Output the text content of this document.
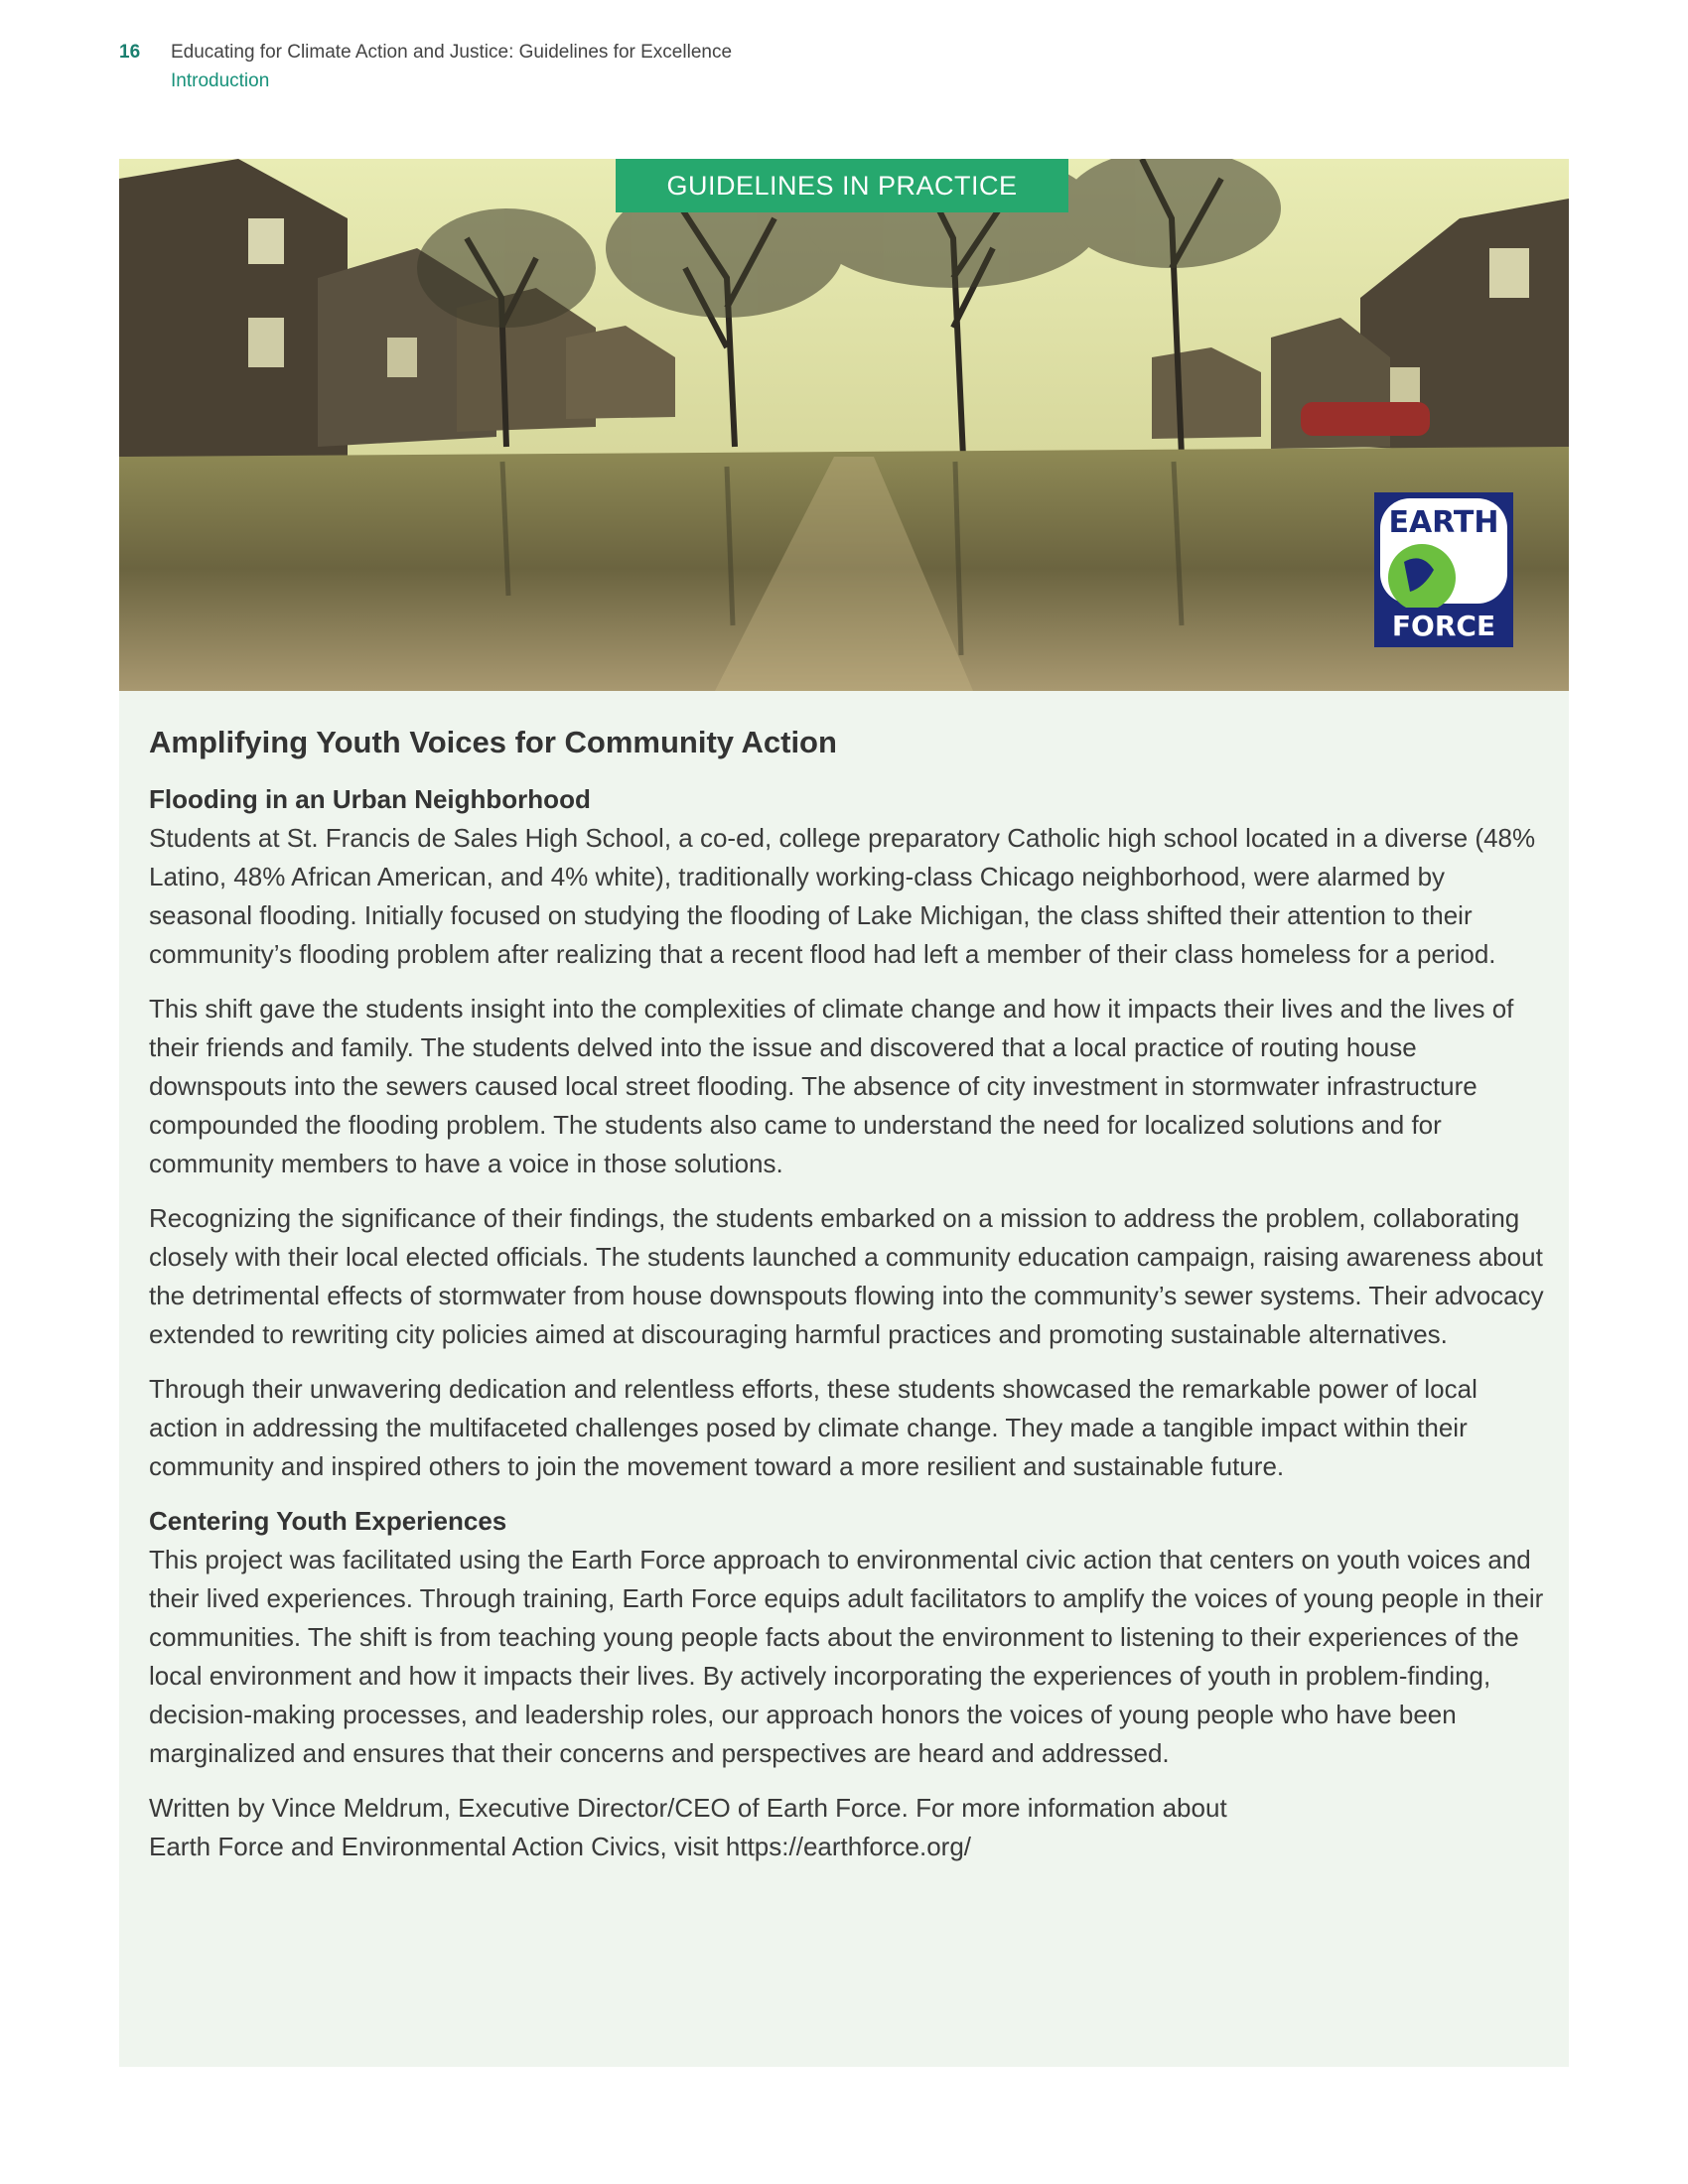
16 Educating for Climate Action and Justice: Guidelines for Excellence
Introduction
GUIDELINES IN PRACTICE
EARTH
FORCE
Amplifying Youth Voices for Community Action
Flooding in an Urban Neighborhood

Students at St. Francis de Sales High School, a co-ed, college preparatory Catholic high school located in a diverse (48% Latino, 48% African American, and 4% white), traditionally working-class Chicago neighborhood, were alarmed by seasonal flooding. Initially focused on studying the flooding of Lake Michigan, the class shifted their attention to their community’s flooding problem after realizing that a recent flood had left a member of their class homeless for a period.

This shift gave the students insight into the complexities of climate change and how it impacts their lives and the lives of their friends and family. The students delved into the issue and discovered that a local practice of routing house downspouts into the sewers caused local street flooding. The absence of city investment in stormwater infrastructure compounded the flooding problem. The students also came to understand the need for localized solutions and for community members to have a voice in those solutions.

Recognizing the significance of their findings, the students embarked on a mission to address the problem, collaborating closely with their local elected officials. The students launched a community education campaign, raising awareness about the detrimental effects of stormwater from house downspouts flowing into the community’s sewer systems. Their advocacy extended to rewriting city policies aimed at discouraging harmful practices and promoting sustainable alternatives.

Through their unwavering dedication and relentless efforts, these students showcased the remarkable power of local action in addressing the multifaceted challenges posed by climate change. They made a tangible impact within their community and inspired others to join the movement toward a more resilient and sustainable future.

Centering Youth Experiences

This project was facilitated using the Earth Force approach to environmental civic action that centers on youth voices and their lived experiences. Through training, Earth Force equips adult facilitators to amplify the voices of young people in their communities. The shift is from teaching young people facts about the environment to listening to their experiences of the local environment and how it impacts their lives. By actively incorporating the experiences of youth in problem-finding, decision-making processes, and leadership roles, our approach honors the voices of young people who have been marginalized and ensures that their concerns and perspectives are heard and addressed.

Written by Vince Meldrum, Executive Director/CEO of Earth Force. For more information about
Earth Force and Environmental Action Civics, visit https://earthforce.org/
